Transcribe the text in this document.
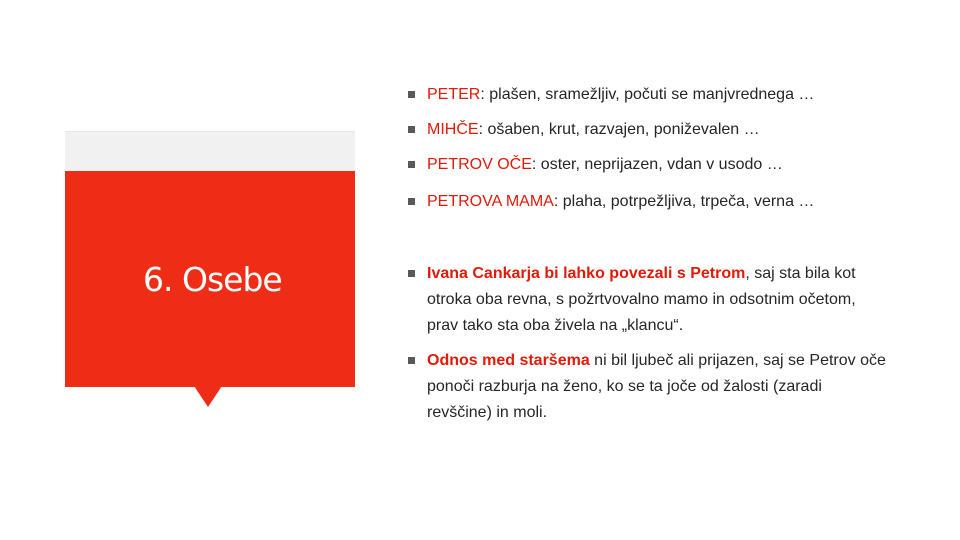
6. Osebe
PETER: plašen, sramežljiv, počuti se manjvrednega …
MIHČE: ošaben, krut, razvajen, poniževalen …
PETROV OČE: oster, neprijazen, vdan v usodo …
PETROVA MAMA: plaha, potrpežljiva, trpeča, verna …
Ivana Cankarja bi lahko povezali s Petrom, saj sta bila kot otroka oba revna, s požrtvovalno mamo in odsotnim očetom, prav tako sta oba živela na „klancu“.
Odnos med staršema ni bil ljubeč ali prijazen, saj se Petrov oče ponoči razburja na ženo, ko se ta joče od žalosti (zaradi revščine) in moli.
